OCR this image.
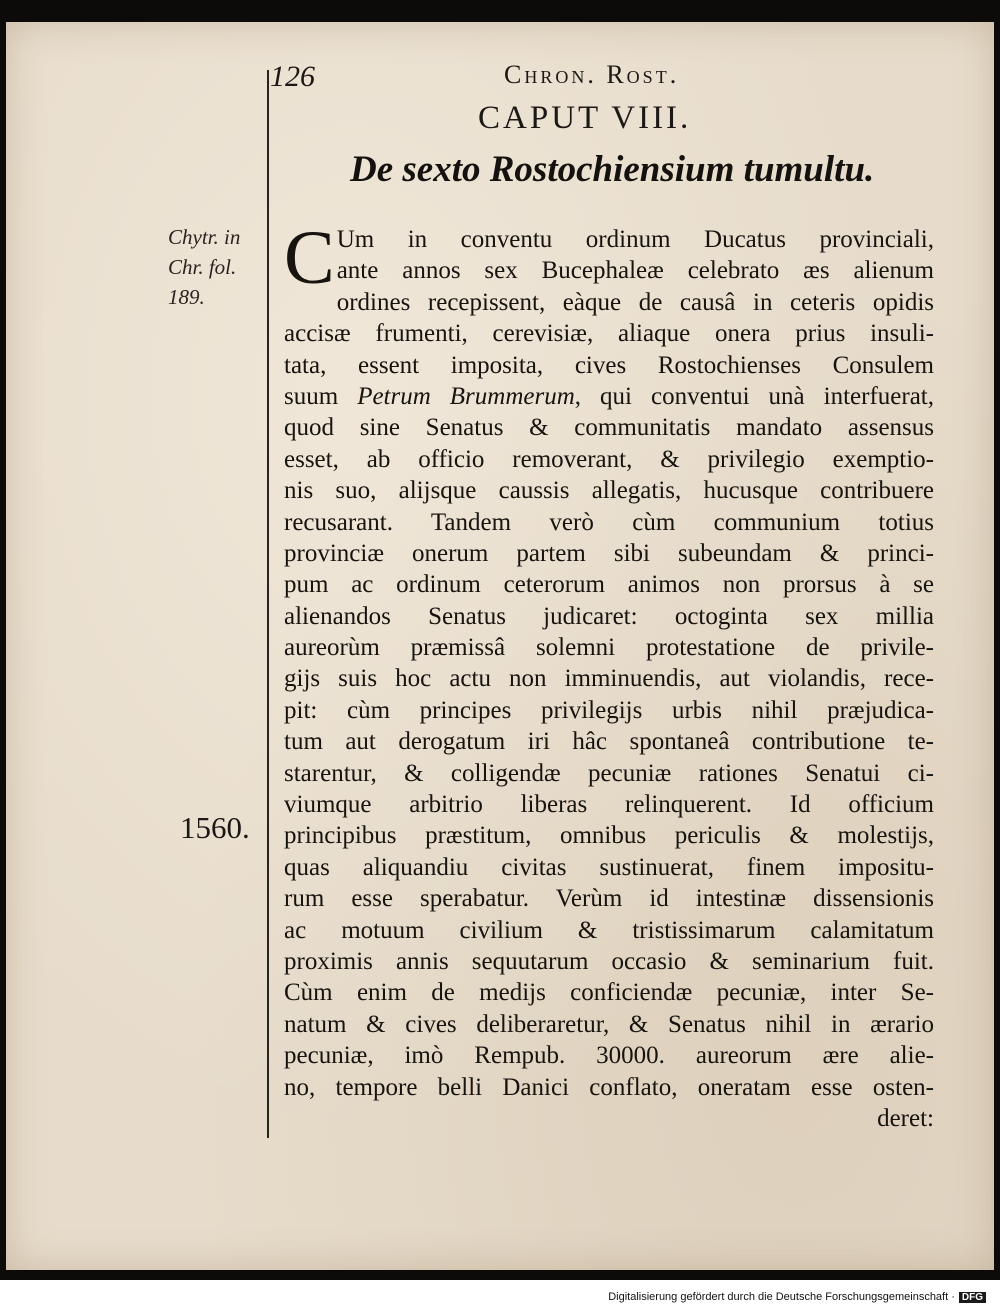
126	Chron. Rost.
CAPUT VIII.
De sexto Rostochiensium tumultu.
Chytr. in
Chr. fol.
189.
1560.
C Um in conventu ordinum Ducatus provinciali,
ante annos sex Bucephaleæ celebrato æs alienum
ordines recepissent, eàque de causâ in ceteris opidis
accisæ frumenti, cerevisiæ, aliaque onera prius insuli-
tata, essent imposita, cives Rostochienses Consulem
suum Petrum Brummerum, qui conventui unà interfuerat,
quod sine Senatus & communitatis mandato assensus
esset, ab officio removerant, & privilegio exemptio-
nis suo, alijsque caussis allegatis, hucusque contribuere
recusarant. Tandem verò cùm communium totius
provinciæ onerum partem sibi subeundam & princi-
pum ac ordinum ceterorum animos non prorsus à se
alienandos Senatus judicaret: octoginta sex millia
aureorùm præmissâ solemni protestatione de privile-
gijs suis hoc actu non imminuendis, aut violandis, rece-
pit: cùm principes privilegijs urbis nihil præjudica-
tum aut derogatum iri hâc spontaneâ contributione te-
starentur, & colligendæ pecuniæ rationes Senatui ci-
viumque arbitrio liberas relinquerent. Id officium
principibus præstitum, omnibus periculis & molestijs,
quas aliquandiu civitas sustinuerat, finem impositu-
rum esse sperabatur. Verùm id intestinæ dissensionis
ac motuum civilium & tristissimarum calamitatum
proximis annis sequutarum occasio & seminarium fuit.
Cùm enim de medijs conficiendæ pecuniæ, inter Se-
natum & cives deliberaretur, & Senatus nihil in ærario
pecuniæ, imò Rempub. 30000. aureorum ære alie-
no, tempore belli Danici conflato, oneratam esse osten-
deret:
Digitalisierung gefördert durch die Deutsche Forschungsgemeinschaft · DFG
